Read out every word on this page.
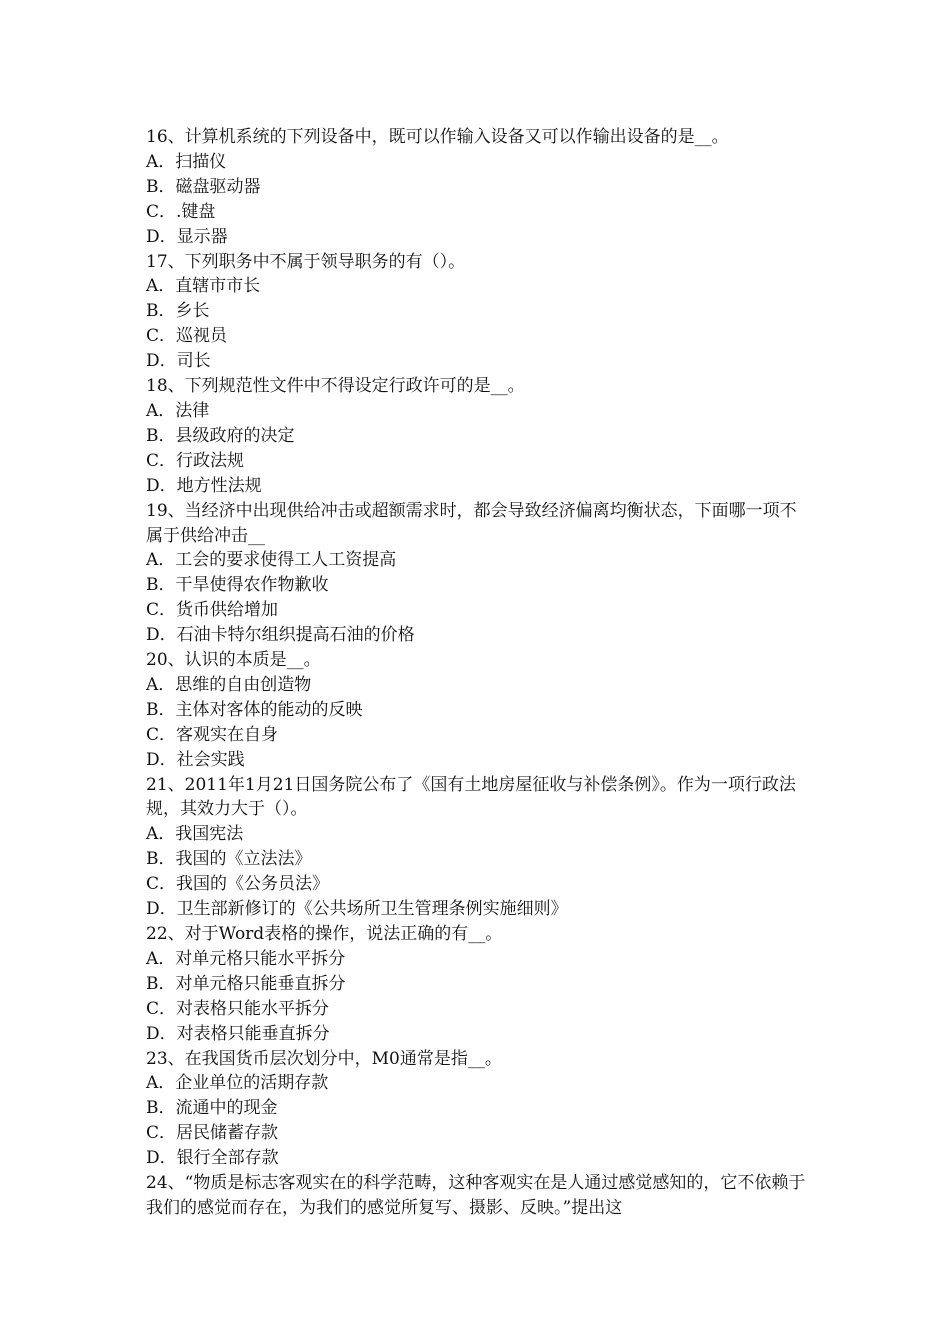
16、计算机系统的下列设备中，既可以作输入设备又可以作输出设备的是__。

A．扫描仪

B．磁盘驱动器

C．.键盘

D．显示器

17、下列职务中不属于领导职务的有（）。

A．直辖市市长

B．乡长

C．巡视员

D．司长

18、下列规范性文件中不得设定行政许可的是__。

A．法律

B．县级政府的决定

C．行政法规

D．地方性法规

19、当经济中出现供给冲击或超额需求时，都会导致经济偏离均衡状态，下面哪一项不属于供给冲击__

A．工会的要求使得工人工资提高

B．干旱使得农作物歉收

C．货币供给增加

D．石油卡特尔组织提高石油的价格

20、认识的本质是__。

A．思维的自由创造物

B．主体对客体的能动的反映

C．客观实在自身

D．社会实践

21、2011年1月21日国务院公布了《国有土地房屋征收与补偿条例》。作为一项行政法规，其效力大于（）。

A．我国宪法

B．我国的《立法法》

C．我国的《公务员法》

D．卫生部新修订的《公共场所卫生管理条例实施细则》

22、对于Word表格的操作，说法正确的有__。

A．对单元格只能水平拆分

B．对单元格只能垂直拆分

C．对表格只能水平拆分

D．对表格只能垂直拆分

23、在我国货币层次划分中，M0通常是指__。

A．企业单位的活期存款

B．流通中的现金

C．居民储蓄存款

D．银行全部存款

24、“物质是标志客观实在的科学范畴，这种客观实在是人通过感觉感知的，它不依赖于我们的感觉而存在，为我们的感觉所复写、摄影、反映。”提出这
